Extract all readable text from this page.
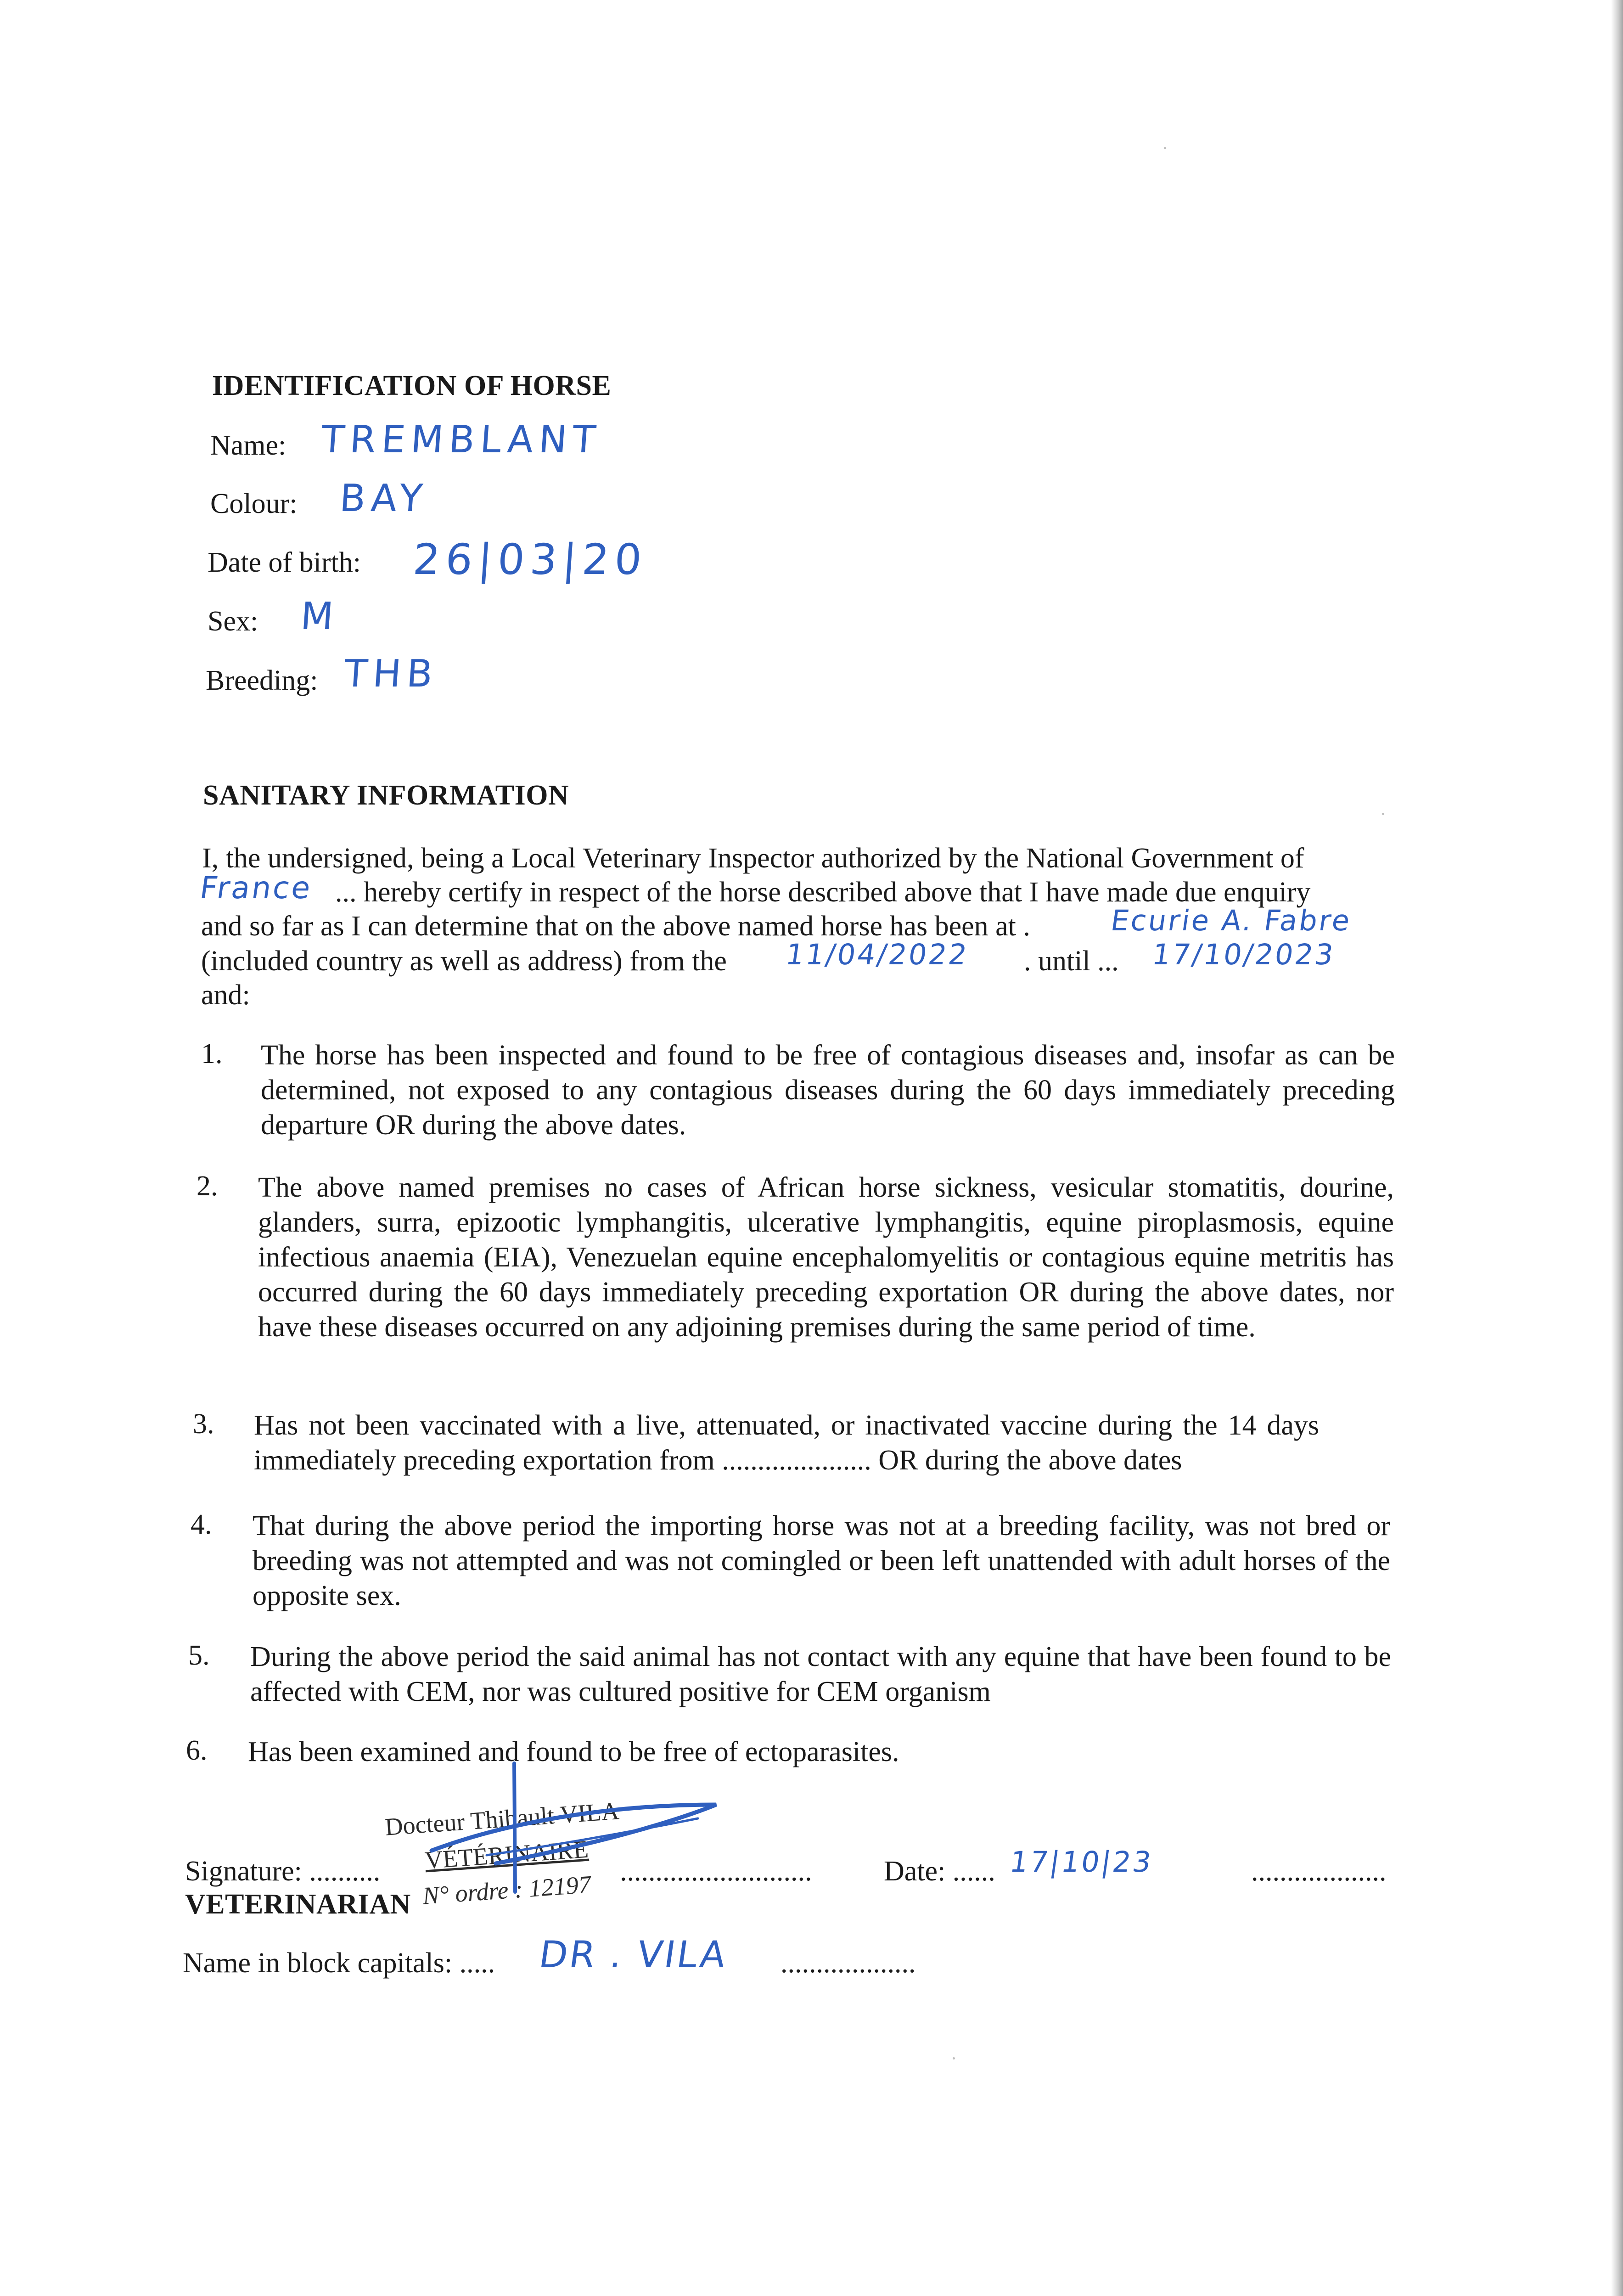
IDENTIFICATION OF HORSE
Name: TREMBLANT
Colour: BAY
Date of birth: 26|03|20
Sex: M
Breeding: THB
SANITARY INFORMATION
I, the undersigned, being a Local Veterinary Inspector authorized by the National Government of
France ... hereby certify in respect of the horse described above that I have made due enquiry
and so far as I can determine that on the above named horse has been at .	Ecurie A. Fabre
(included country as well as address) from the 11/04/2022 . until ... 17/10/2023
and:
1. The horse has been inspected and found to be free of contagious diseases and, insofar as can be determined, not exposed to any contagious diseases during the 60 days immediately preceding departure OR during the above dates.
2. The above named premises no cases of African horse sickness, vesicular stomatitis, dourine, glanders, surra, epizootic lymphangitis, ulcerative lymphangitis, equine piroplasmosis, equine infectious anaemia (EIA), Venezuelan equine encephalomyelitis or contagious equine metritis has occurred during the 60 days immediately preceding exportation OR during the above dates, nor have these diseases occurred on any adjoining premises during the same period of time.
3. Has not been vaccinated with a live, attenuated, or inactivated vaccine during the 14 days immediately preceding exportation from ..................... OR during the above dates
4. That during the above period the importing horse was not at a breeding facility, was not bred or breeding was not attempted and was not comingled or been left unattended with adult horses of the opposite sex.
5. During the above period the said animal has not contact with any equine that have been found to be affected with CEM, nor was cultured positive for CEM organism
6. Has been examined and found to be free of ectoparasites.
Docteur Thibault VILA
VÉTÉRINAIRE
N° ordre : 12197
Signature: ..........	...........................
VETERINARIAN
Date: ...... 17|10|23	...................
Name in block capitals: ..... DR . VILA ...................
